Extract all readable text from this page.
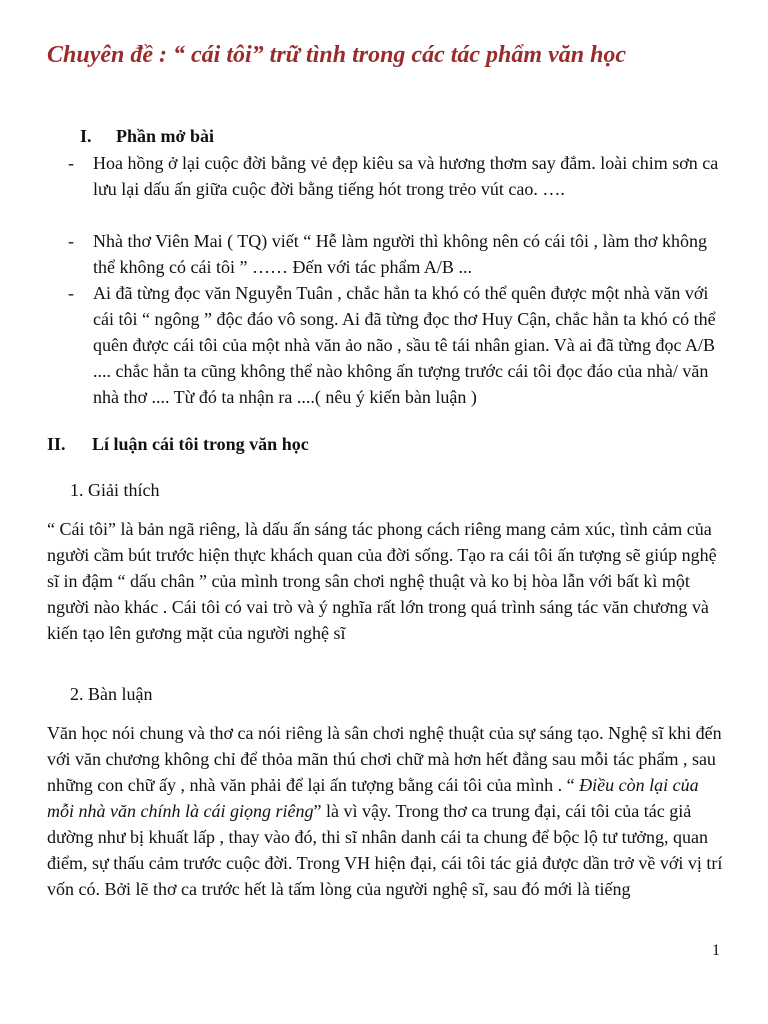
Chuyên đề : “ cái tôi” trữ tình trong các tác phẩm văn học
I. Phần mở bài
- Hoa hồng ở lại cuộc đời bằng vẻ đẹp kiêu sa và hương thơm say đắm. loài chim sơn ca lưu lại dấu ấn giữa cuộc đời bằng tiếng hót trong trẻo vút cao. ….
- Nhà thơ Viên Mai ( TQ) viết “ Hễ làm người thì không nên có cái tôi , làm thơ không thể không có cái tôi ” …… Đến với tác phẩm A/B ...
- Ai đã từng đọc văn Nguyễn Tuân , chắc hẳn ta khó có thể quên được một nhà văn với cái tôi “ ngông ” độc đáo vô song. Ai đã từng đọc thơ Huy Cận, chắc hẳn ta khó có thể quên được cái tôi của một nhà văn ảo não , sầu tê tái nhân gian. Và ai đã từng đọc A/B .... chắc hẳn ta cũng không thể nào không ấn tượng trước cái tôi đọc đáo của nhà/ văn nhà thơ .... Từ đó ta nhận ra ....( nêu ý kiến bàn luận )
II. Lí luận cái tôi trong văn học
1. Giải thích
“ Cái tôi” là bản ngã riêng, là dấu ấn sáng tác phong cách riêng mang cảm xúc, tình cảm của người cầm bút trước hiện thực khách quan của đời sống. Tạo ra cái tôi ấn tượng sẽ giúp nghệ sĩ in đậm “ dấu chân ” của mình trong sân chơi nghệ thuật và ko bị hòa lẫn với bất kì một người nào khác . Cái tôi có vai trò và ý nghĩa rất lớn trong quá trình sáng tác văn chương và kiến tạo lên gương mặt của người nghệ sĩ
2. Bàn luận
Văn học nói chung và thơ ca nói riêng là sân chơi nghệ thuật của sự sáng tạo. Nghệ sĩ khi đến với văn chương không chỉ để thỏa mãn thú chơi chữ mà hơn hết đẳng sau mỗi tác phẩm , sau những con chữ ấy , nhà văn phải để lại ấn tượng bằng cái tôi của mình . “ Điều còn lại của mỗi nhà văn chính là cái giọng riêng” là vì vậy. Trong thơ ca trung đại, cái tôi của tác giả dường như bị khuất lấp , thay vào đó, thi sĩ nhân danh cái ta chung để bộc lộ tư tưởng, quan điểm, sự thấu cảm trước cuộc đời. Trong VH hiện đại, cái tôi tác giả được dần trở về với vị trí vốn có. Bởi lẽ thơ ca trước hết là tấm lòng của người nghệ sĩ, sau đó mới là tiếng
1
